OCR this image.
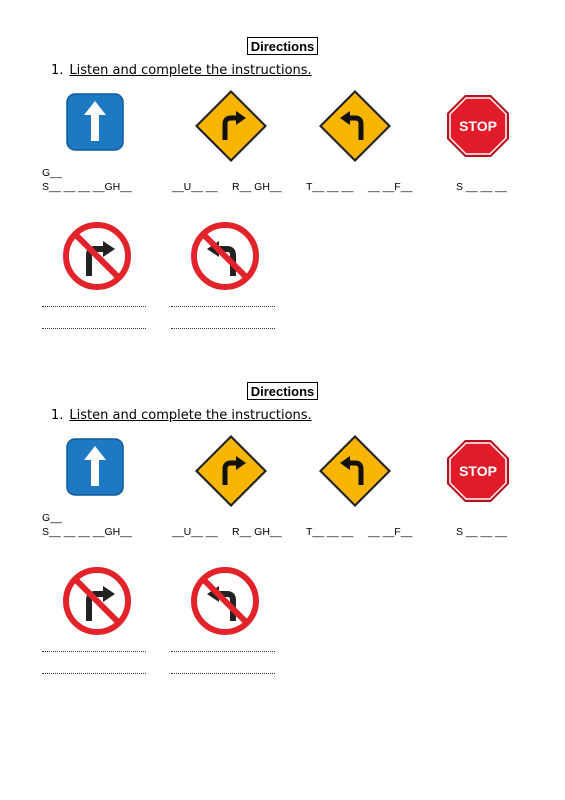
Directions
1. Listen and complete the instructions.
STOP
G__
S__ __ __ __GH__	__U__ __ R__ GH__ T__ __ __ __ __F__	S __ __ __
Directions
1. Listen and complete the instructions.
STOP
G__
S__ __ __ __GH__	__U__ __ R__ GH__ T__ __ __ __ __F__	S __ __ __
